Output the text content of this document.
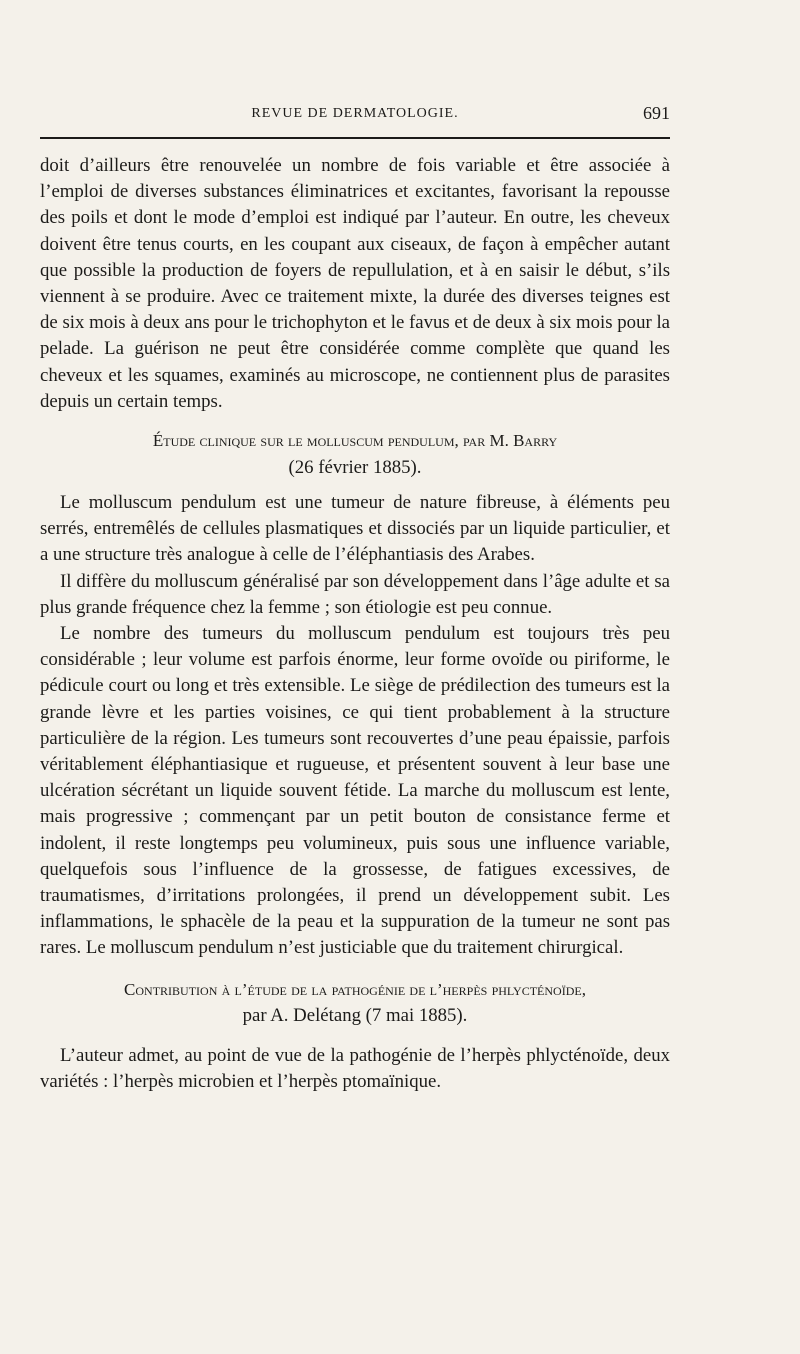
REVUE DE DERMATOLOGIE.	691

doit d’ailleurs être renouvelée un nombre de fois variable et être associée à l’emploi de diverses substances éliminatrices et excitantes, favorisant la repousse des poils et dont le mode d’emploi est indiqué par l’auteur. En outre, les cheveux doivent être tenus courts, en les coupant aux ciseaux, de façon à empêcher autant que possible la production de foyers de repullulation, et à en saisir le début, s’ils viennent à se produire. Avec ce traitement mixte, la durée des diverses teignes est de six mois à deux ans pour le trichophyton et le favus et de deux à six mois pour la pelade. La guérison ne peut être considérée comme complète que quand les cheveux et les squames, examinés au microscope, ne contiennent plus de parasites depuis un certain temps.

Étude clinique sur le molluscum pendulum, par M. Barry
(26 février 1885).

Le molluscum pendulum est une tumeur de nature fibreuse, à éléments peu serrés, entremêlés de cellules plasmatiques et dissociés par un liquide particulier, et a une structure très analogue à celle de l’éléphantiasis des Arabes.

Il diffère du molluscum généralisé par son développement dans l’âge adulte et sa plus grande fréquence chez la femme ; son étiologie est peu connue.

Le nombre des tumeurs du molluscum pendulum est toujours très peu considérable ; leur volume est parfois énorme, leur forme ovoïde ou piriforme, le pédicule court ou long et très extensible. Le siège de prédilection des tumeurs est la grande lèvre et les parties voisines, ce qui tient probablement à la structure particulière de la région. Les tumeurs sont recouvertes d’une peau épaissie, parfois véritablement éléphantiasique et rugueuse, et présentent souvent à leur base une ulcération sécrétant un liquide souvent fétide. La marche du molluscum est lente, mais progressive ; commençant par un petit bouton de consistance ferme et indolent, il reste longtemps peu volumineux, puis sous une influence variable, quelquefois sous l’influence de la grossesse, de fatigues excessives, de traumatismes, d’irritations prolongées, il prend un développement subit. Les inflammations, le sphacèle de la peau et la suppuration de la tumeur ne sont pas rares. Le molluscum pendulum n’est justiciable que du traitement chirurgical.

Contribution à l’étude de la pathogénie de l’herpès phlycténoïde,
par A. Delétang (7 mai 1885).

L’auteur admet, au point de vue de la pathogénie de l’herpès phlycténoïde, deux variétés : l’herpès microbien et l’herpès ptomaïnique.
